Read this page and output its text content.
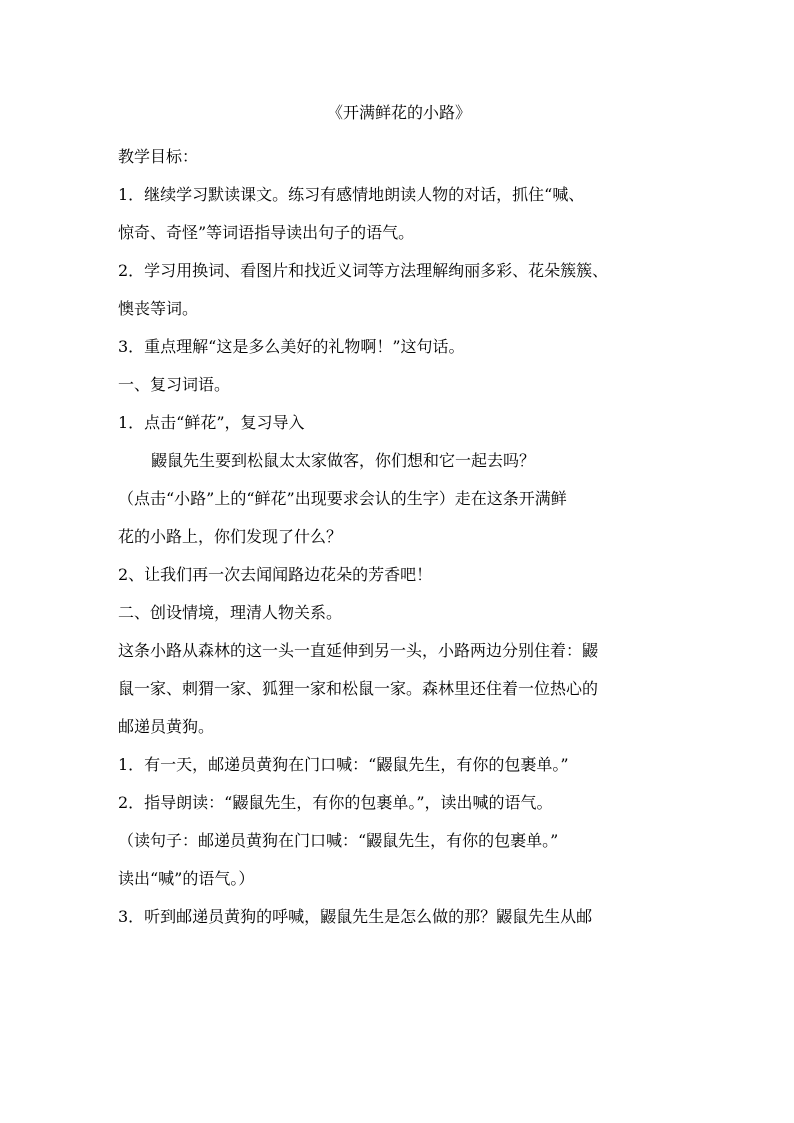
《开满鲜花的小路》

教学目标：

1．继续学习默读课文。练习有感情地朗读人物的对话，抓住“喊、

惊奇、奇怪”等词语指导读出句子的语气。

2．学习用换词、看图片和找近义词等方法理解绚丽多彩、花朵簇簇、

懊丧等词。

3．重点理解“这是多么美好的礼物啊！”这句话。

一、复习词语。

1．点击“鲜花”，复习导入

鼹鼠先生要到松鼠太太家做客，你们想和它一起去吗？

（点击“小路”上的“鲜花”出现要求会认的生字）走在这条开满鲜

花的小路上，你们发现了什么？

2、让我们再一次去闻闻路边花朵的芳香吧！

二、创设情境，理清人物关系。

这条小路从森林的这一头一直延伸到另一头，小路两边分别住着：鼹

鼠一家、刺猬一家、狐狸一家和松鼠一家。森林里还住着一位热心的

邮递员黄狗。

1．有一天，邮递员黄狗在门口喊：“鼹鼠先生，有你的包裹单。”

2．指导朗读：“鼹鼠先生，有你的包裹单。”，读出喊的语气。

（读句子：邮递员黄狗在门口喊：“鼹鼠先生，有你的包裹单。”

读出“喊”的语气。）

3．听到邮递员黄狗的呼喊，鼹鼠先生是怎么做的那？鼹鼠先生从邮
